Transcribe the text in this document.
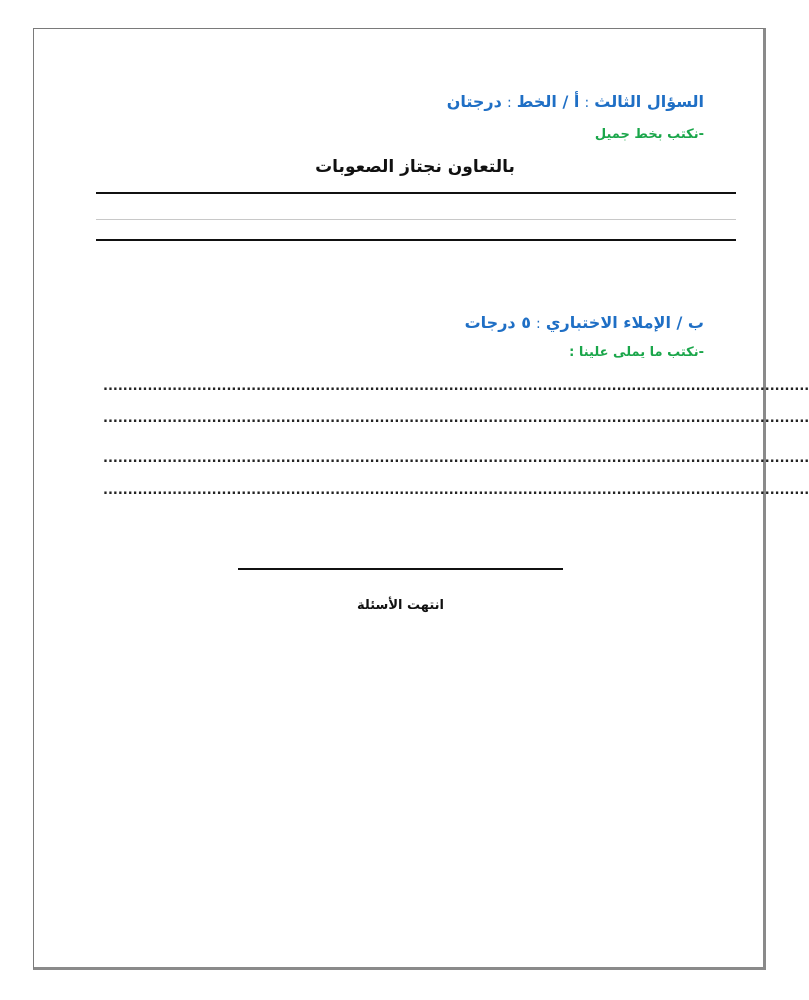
السؤال الثالث : أ / الخط : درجتان
-نكتب بخط جميل
بالتعاون نجتاز الصعوبات
ب / الإملاء الاختباري : ٥ درجات
-نكتب ما يملى علينا :
...............................................................................................................................................
...............................................................................................................................................
...............................................................................................................................................
...............................................................................................................................................
انتهت الأسئلة
